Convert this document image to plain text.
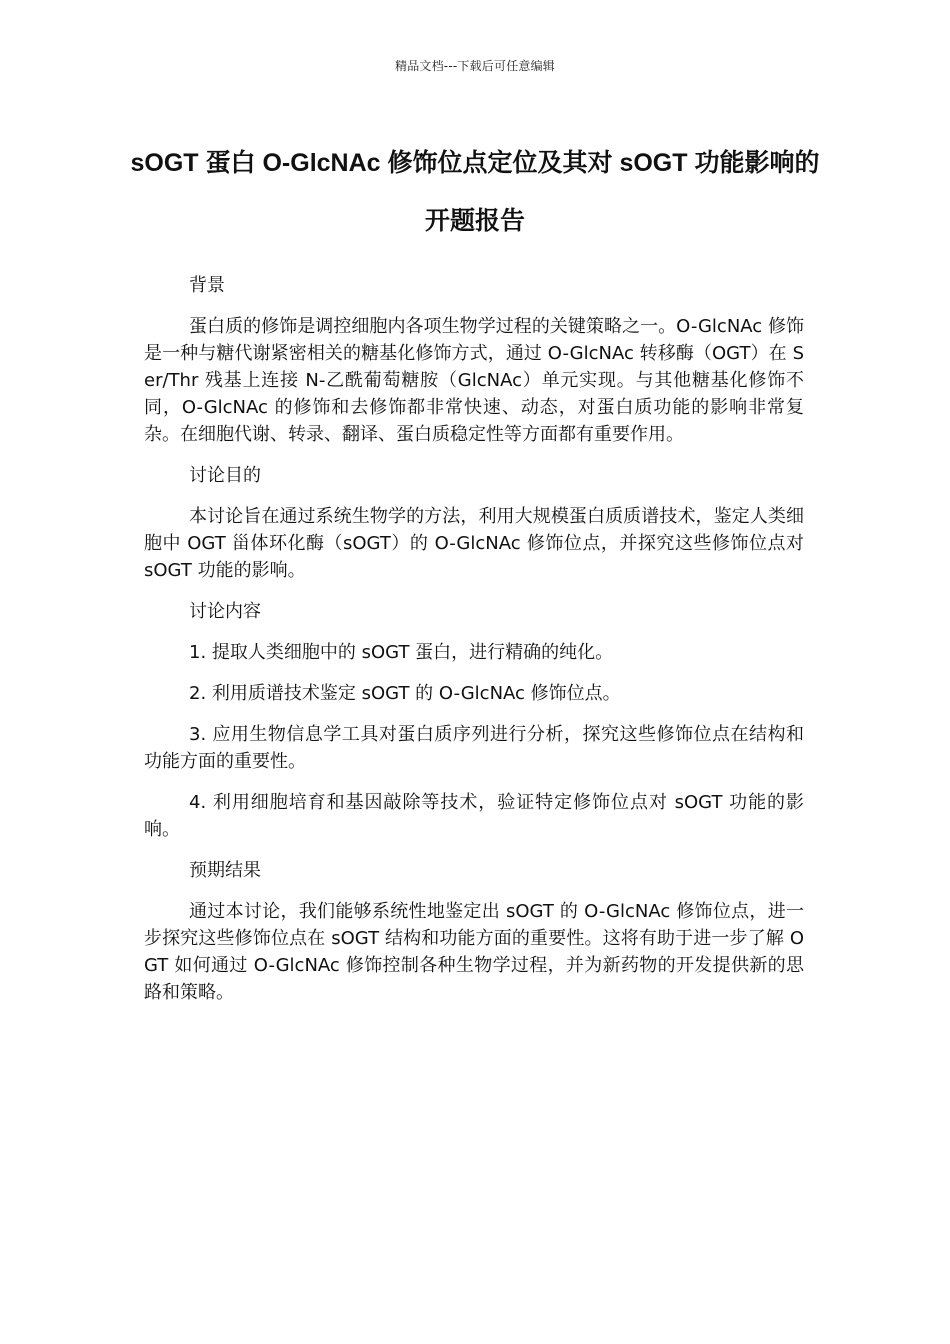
精品文档---下载后可任意编辑
sOGT 蛋白 O-GlcNAc 修饰位点定位及其对 sOGT 功能影响的开题报告

背景

蛋白质的修饰是调控细胞内各项生物学过程的关键策略之一。O-GlcNAc 修饰是一种与糖代谢紧密相关的糖基化修饰方式，通过 O-GlcNAc 转移酶（OGT）在 Ser/Thr 残基上连接 N-乙酰葡萄糖胺（GlcNAc）单元实现。与其他糖基化修饰不同，O-GlcNAc 的修饰和去修饰都非常快速、动态，对蛋白质功能的影响非常复杂。在细胞代谢、转录、翻译、蛋白质稳定性等方面都有重要作用。

讨论目的

本讨论旨在通过系统生物学的方法，利用大规模蛋白质质谱技术，鉴定人类细胞中 OGT 甾体环化酶（sOGT）的 O-GlcNAc 修饰位点，并探究这些修饰位点对 sOGT 功能的影响。

讨论内容

1. 提取人类细胞中的 sOGT 蛋白，进行精确的纯化。

2. 利用质谱技术鉴定 sOGT 的 O-GlcNAc 修饰位点。

3. 应用生物信息学工具对蛋白质序列进行分析，探究这些修饰位点在结构和功能方面的重要性。

4. 利用细胞培育和基因敲除等技术，验证特定修饰位点对 sOGT 功能的影响。

预期结果

通过本讨论，我们能够系统性地鉴定出 sOGT 的 O-GlcNAc 修饰位点，进一步探究这些修饰位点在 sOGT 结构和功能方面的重要性。这将有助于进一步了解 OGT 如何通过 O-GlcNAc 修饰控制各种生物学过程，并为新药物的开发提供新的思路和策略。
